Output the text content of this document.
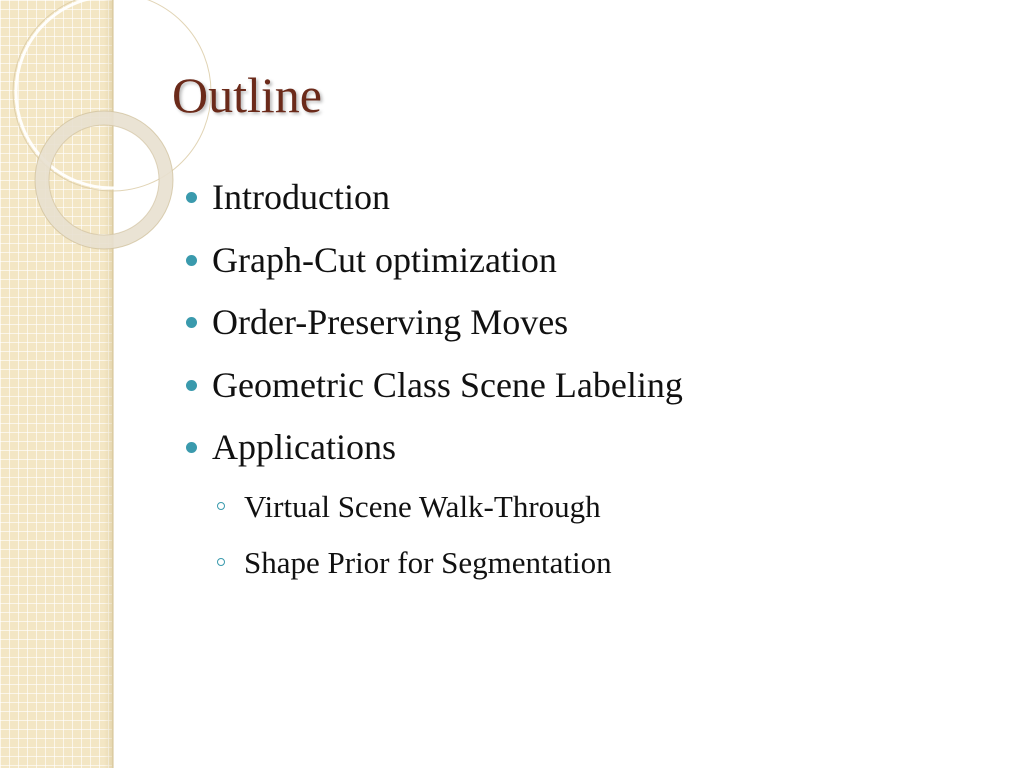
Outline
Introduction
Graph-Cut optimization
Order-Preserving Moves
Geometric Class Scene Labeling
Applications
Virtual Scene Walk-Through
Shape Prior for Segmentation
